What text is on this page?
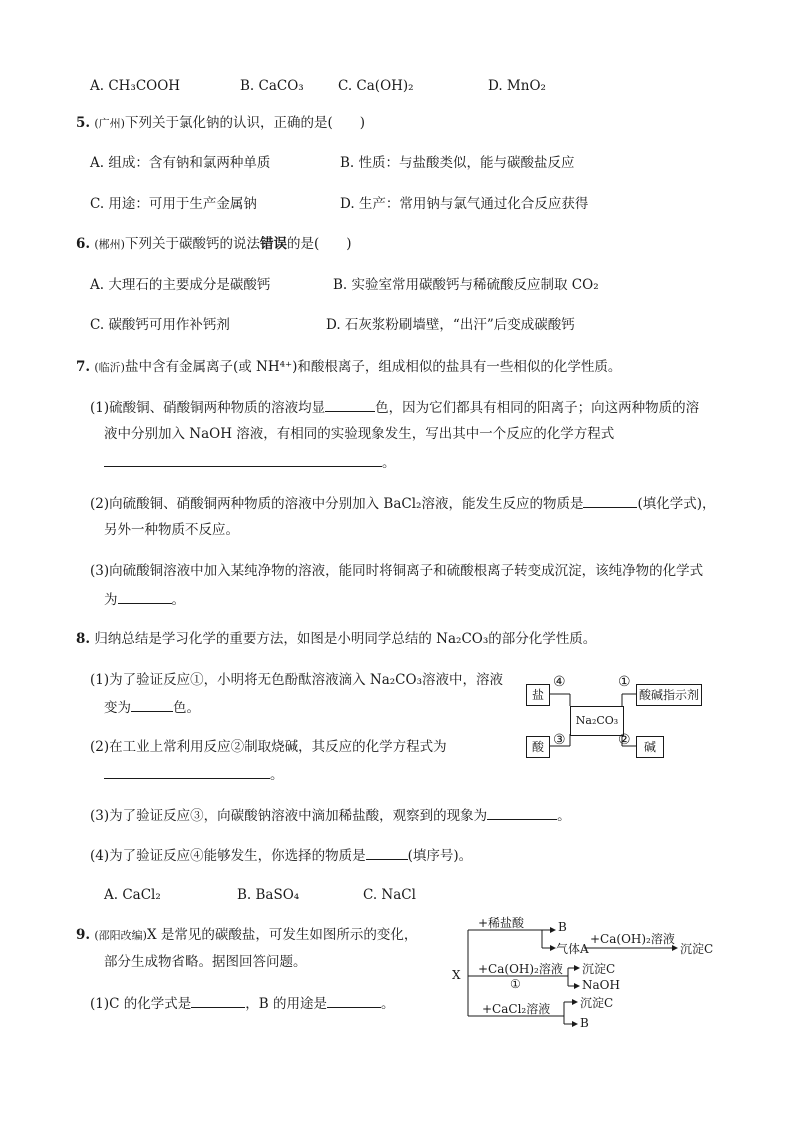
A. CH₃COOH	B. CaCO₃	C. Ca(OH)₂	D. MnO₂
5. (广州)下列关于氯化钠的认识，正确的是(　　)
A. 组成：含有钠和氯两种单质	B. 性质：与盐酸类似，能与碳酸盐反应
C. 用途：可用于生产金属钠	D. 生产：常用钠与氯气通过化合反应获得
6. (郴州)下列关于碳酸钙的说法错误的是(　　)
A. 大理石的主要成分是碳酸钙	B. 实验室常用碳酸钙与稀硫酸反应制取 CO₂
C. 碳酸钙可用作补钙剂	D. 石灰浆粉刷墙壁，“出汗”后变成碳酸钙
7. (临沂)盐中含有金属离子(或 NH⁴⁺)和酸根离子，组成相似的盐具有一些相似的化学性质。
(1)硫酸铜、硝酸铜两种物质的溶液均显	色，因为它们都具有相同的阳离子；向这两种物质的溶
液中分别加入 NaOH 溶液，有相同的实验现象发生，写出其中一个反应的化学方程式
。
(2)向硫酸铜、硝酸铜两种物质的溶液中分别加入 BaCl₂溶液，能发生反应的物质是	(填化学式)，
另外一种物质不反应。
(3)向硫酸铜溶液中加入某纯净物的溶液，能同时将铜离子和硫酸根离子转变成沉淀，该纯净物的化学式
为	。
8. 归纳总结是学习化学的重要方法，如图是小明同学总结的 Na₂CO₃的部分化学性质。
(1)为了验证反应①，小明将无色酚酞溶液滴入 Na₂CO₃溶液中，溶液
变为	色。
(2)在工业上常利用反应②制取烧碱，其反应的化学方程式为
。
(3)为了验证反应③，向碳酸钠溶液中滴加稀盐酸，观察到的现象为	。
(4)为了验证反应④能够发生，你选择的物质是	(填序号)。
A. CaCl₂	B. BaSO₄	C. NaCl
盐	酸碱指示剂
Na₂CO₃
酸	碱
④	①
③	②
9. (邵阳改编)X 是常见的碳酸盐，可发生如图所示的变化，
部分生成物省略。据图回答问题。
(1)C 的化学式是	，B 的用途是	。
X
+稀盐酸	B
气体A
+Ca(OH)₂溶液
沉淀C
+Ca(OH)₂溶液
①
沉淀C
NaOH
+CaCl₂溶液 沉淀C
B
